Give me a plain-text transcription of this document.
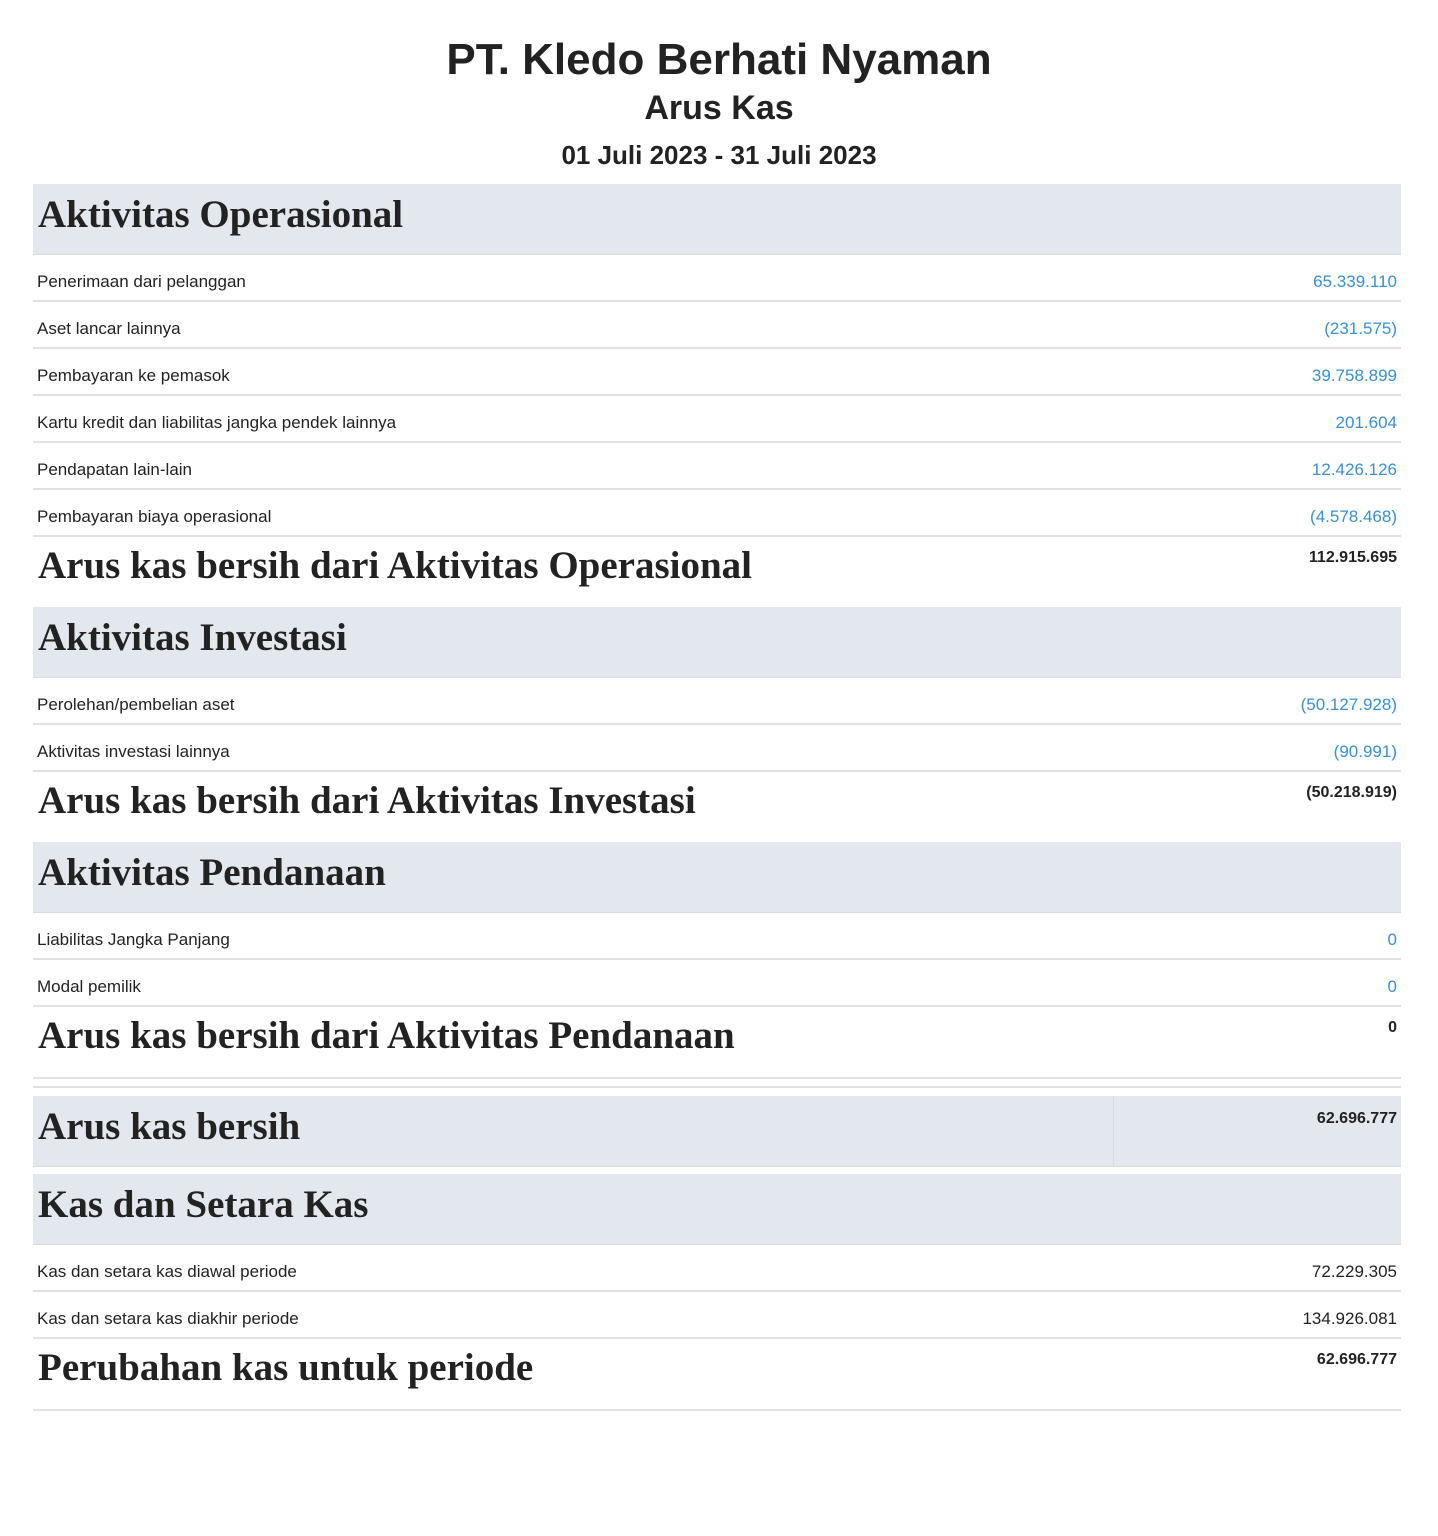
PT. Kledo Berhati Nyaman
Arus Kas
01 Juli 2023 - 31 Juli 2023
Aktivitas Operasional
Penerimaan dari pelanggan	65.339.110
Aset lancar lainnya	(231.575)
Pembayaran ke pemasok	39.758.899
Kartu kredit dan liabilitas jangka pendek lainnya	201.604
Pendapatan lain-lain	12.426.126
Pembayaran biaya operasional	(4.578.468)
Arus kas bersih dari Aktivitas Operasional	112.915.695
Aktivitas Investasi
Perolehan/pembelian aset	(50.127.928)
Aktivitas investasi lainnya	(90.991)
Arus kas bersih dari Aktivitas Investasi	(50.218.919)
Aktivitas Pendanaan
Liabilitas Jangka Panjang	0
Modal pemilik	0
Arus kas bersih dari Aktivitas Pendanaan	0
Arus kas bersih	62.696.777
Kas dan Setara Kas
Kas dan setara kas diawal periode	72.229.305
Kas dan setara kas diakhir periode	134.926.081
Perubahan kas untuk periode	62.696.777
